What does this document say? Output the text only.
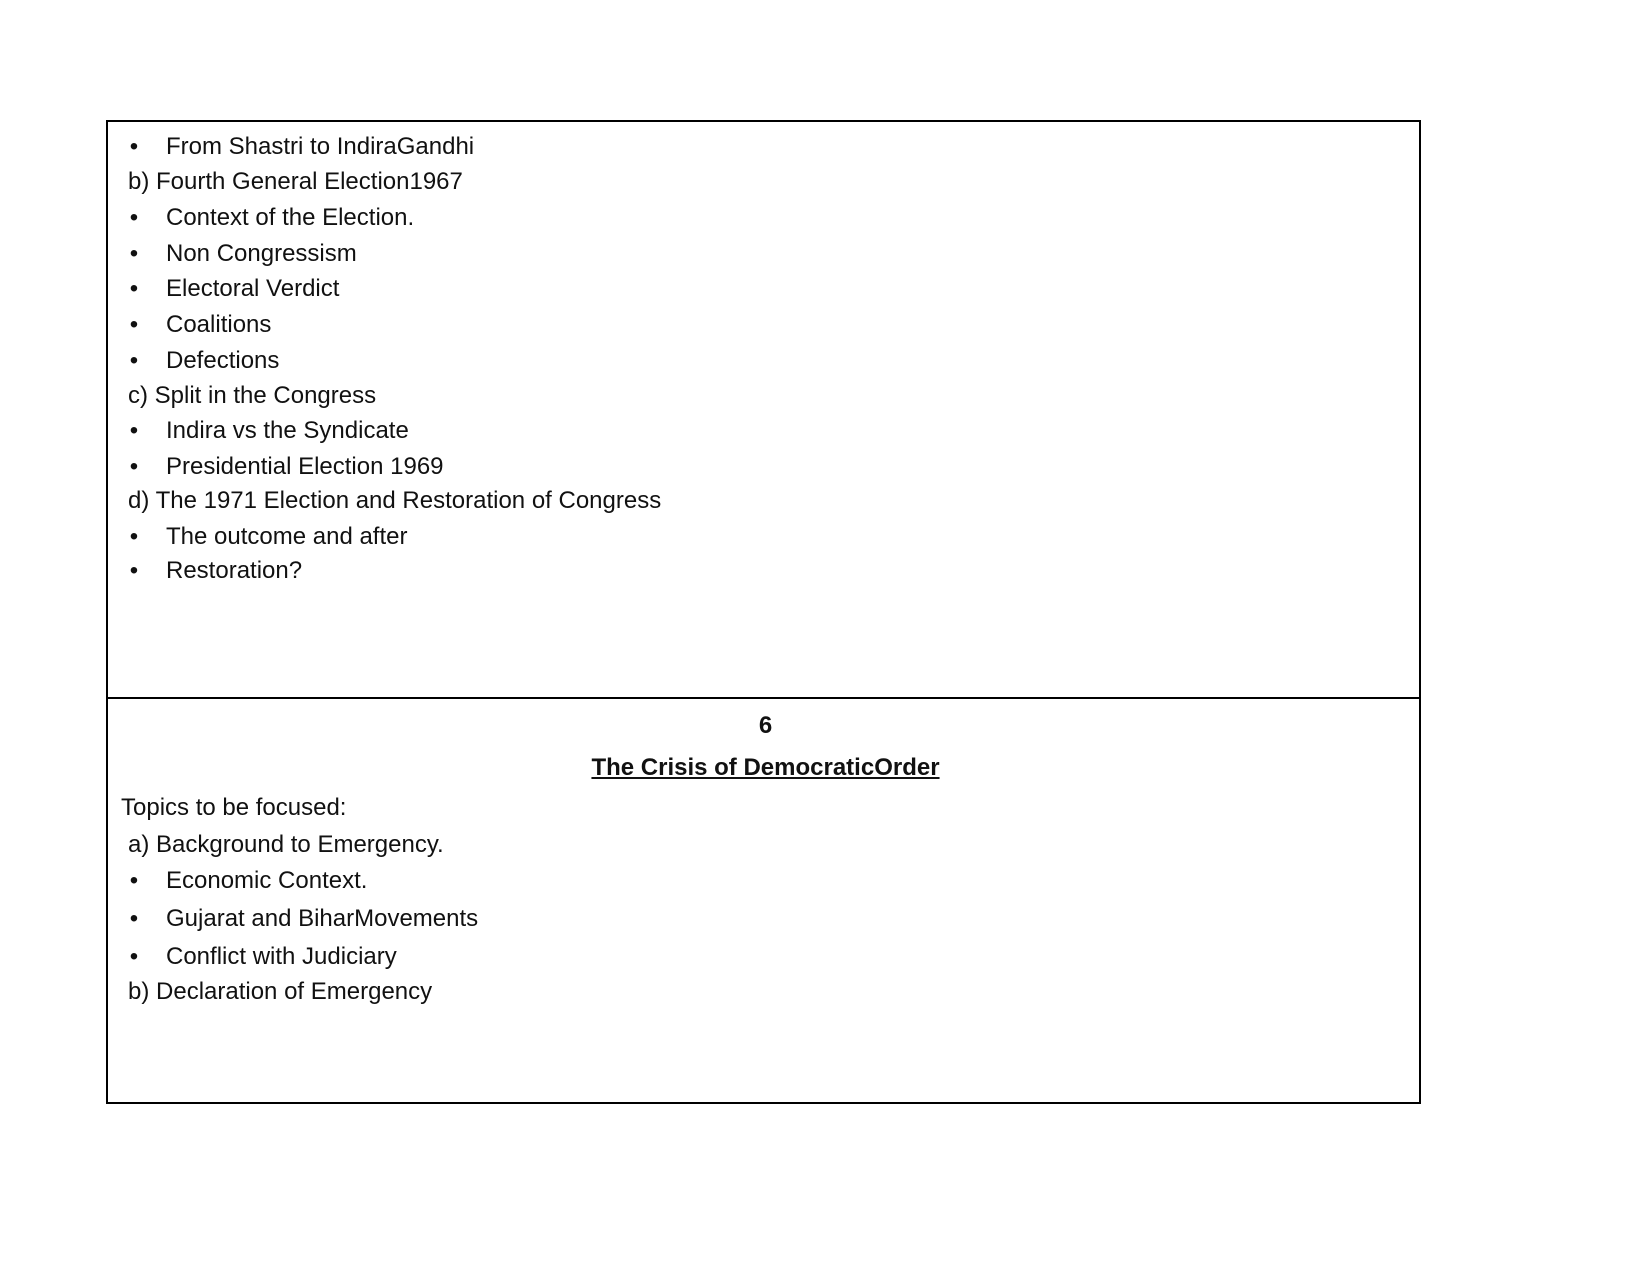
• From Shastri to IndiraGandhi
b) Fourth General Election1967
• Context of the Election.
• Non Congressism
• Electoral Verdict
• Coalitions
• Defections
c) Split in the Congress
• Indira vs the Syndicate
• Presidential Election 1969
d) The 1971 Election and Restoration of Congress
• The outcome and after
• Restoration?
6
The Crisis of DemocraticOrder
Topics to be focused:
a) Background to Emergency.
• Economic Context.
• Gujarat and BiharMovements
• Conflict with Judiciary
b) Declaration of Emergency
